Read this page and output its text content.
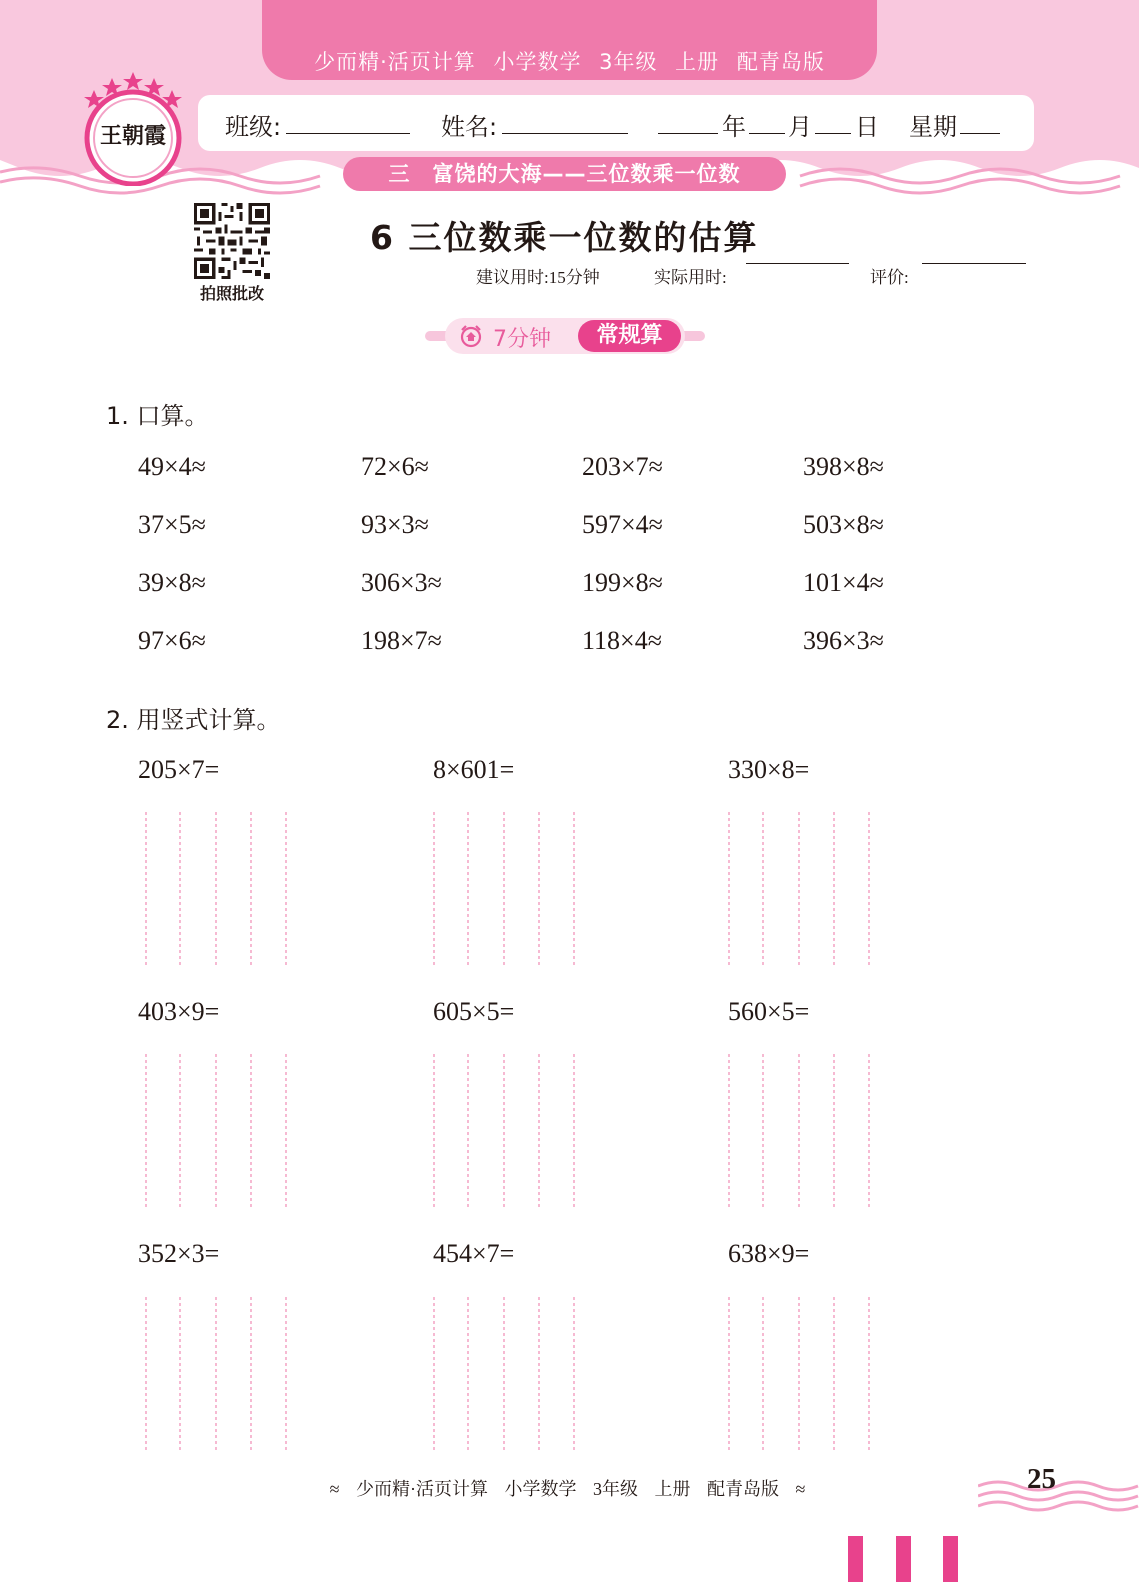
少而精·活页计算 小学数学 3年级 上册 配青岛版
王朝霞 班级:	姓名:	年 月 日 星期
三　富饶的大海——三位数乘一位数
拍照批改
6 三位数乘一位数的估算
建议用时:15分钟	实际用时:	评价:
7分钟	常规算
1. 口算。
49×4≈	72×6≈	203×7≈	398×8≈
37×5≈	93×3≈	597×4≈	503×8≈
39×8≈	306×3≈	199×8≈	101×4≈
97×6≈	198×7≈	118×4≈	396×3≈
2. 用竖式计算。
205×7=	8×601=	330×8=
403×9=	605×5=	560×5=
352×3=	454×7=	638×9=
≈ 少而精·活页计算 小学数学 3年级 上册 配青岛版 ≈	25
